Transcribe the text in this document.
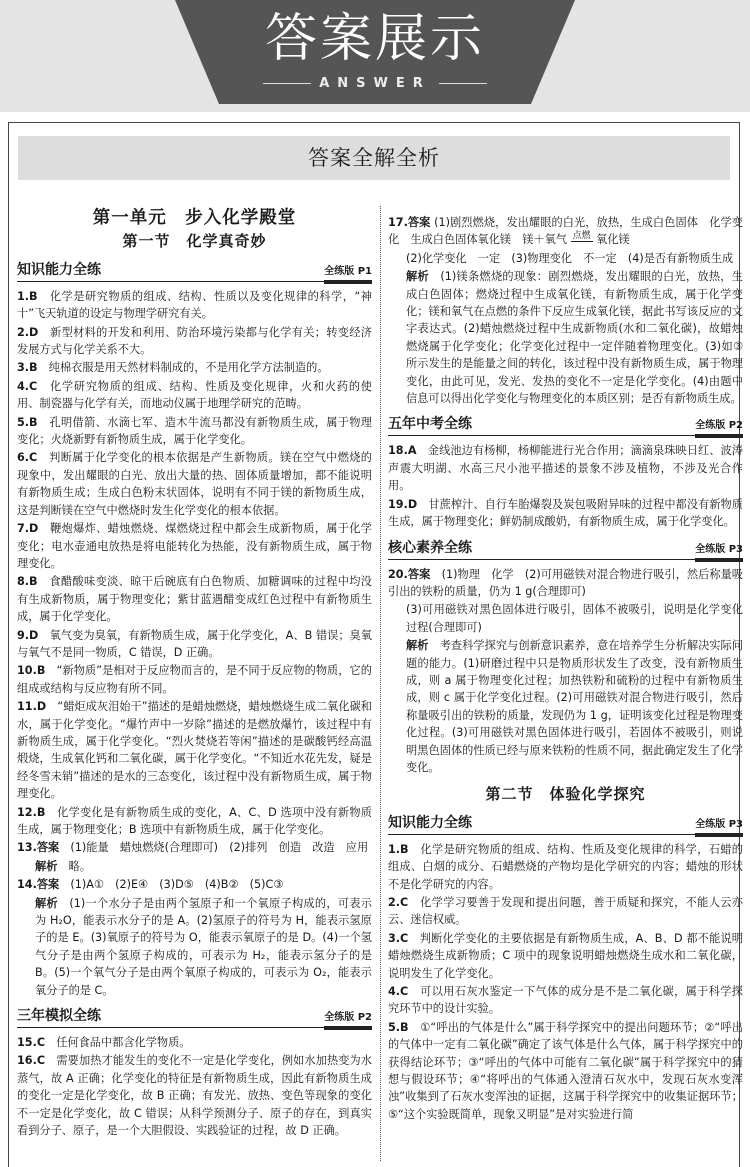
答案展示
ANSWER
答案全解全析
第一单元　步入化学殿堂
第一节　化学真奇妙
知识能力全练	全练版 P1
1.B　 化学是研究物质的组成、结构、性质以及变化规律的科学，“神十”飞天轨道的设定与物理学研究有关。
2.D　 新型材料的开发和利用、防治环境污染都与化学有关；转变经济发展方式与化学关系不大。
3.B　 纯棉衣服是用天然材料制成的，不是用化学方法制造的。
4.C　 化学研究物质的组成、结构、性质及变化规律，火和火药的使用、制瓷器与化学有关，而地动仪属于地理学研究的范畴。
5.B　 孔明借箭、水滴七军、造木牛流马都没有新物质生成，属于物理变化；火烧新野有新物质生成，属于化学变化。
6.C　 判断属于化学变化的根本依据是产生新物质。镁在空气中燃烧的现象中，发出耀眼的白光、放出大量的热、固体质量增加，都不能说明有新物质生成；生成白色粉末状固体，说明有不同于镁的新物质生成，这是判断镁在空气中燃烧时发生化学变化的根本依据。
7.D　 鞭炮爆炸、蜡烛燃烧、煤燃烧过程中都会生成新物质，属于化学变化；电水壶通电放热是将电能转化为热能，没有新物质生成，属于物理变化。
8.B　 食醋酸味变淡、晾干后碗底有白色物质、加糖调味的过程中均没有生成新物质，属于物理变化；紫甘蓝遇醋变成红色过程中有新物质生成，属于化学变化。
9.D　 氧气变为臭氧，有新物质生成，属于化学变化，A、B 错误；臭氧与氧气不是同一物质，C 错误，D 正确。
10.B　 “新物质”是相对于反应物而言的，是不同于反应物的物质，它的组成或结构与反应物有所不同。
11.D　 “蜡炬成灰泪始干”描述的是蜡烛燃烧，蜡烛燃烧生成二氧化碳和水，属于化学变化。“爆竹声中一岁除”描述的是燃放爆竹，该过程中有新物质生成，属于化学变化。“烈火焚烧若等闲”描述的是碳酸钙经高温煅烧，生成氧化钙和二氧化碳，属于化学变化。“不知近水花先发，疑是经冬雪未销”描述的是水的三态变化，该过程中没有新物质生成，属于物理变化。
12.B　 化学变化是有新物质生成的变化，A、C、D 选项中没有新物质生成，属于物理变化；B 选项中有新物质生成，属于化学变化。
13.答案　 (1)能量　蜡烛燃烧(合理即可)　(2)排列　创造　改造　应用
解析　 略。
14.答案　 (1)A①　(2)E④　(3)D⑤　(4)B②　(5)C③
解析　 (1)一个水分子是由两个氢原子和一个氧原子构成的，可表示为 H₂O，能表示水分子的是 A。(2)氢原子的符号为 H，能表示氢原子的是 E。(3)氧原子的符号为 O，能表示氧原子的是 D。(4)一个氢气分子是由两个氢原子构成的，可表示为 H₂，能表示氢分子的是 B。(5)一个氧气分子是由两个氧原子构成的，可表示为 O₂，能表示氧分子的是 C。
三年模拟全练	全练版 P2
15.C　 任何食品中都含化学物质。
16.C　 需要加热才能发生的变化不一定是化学变化，例如水加热变为水蒸气，故 A 正确；化学变化的特征是有新物质生成，因此有新物质生成的变化一定是化学变化，故 B 正确；有发光、放热、变色等现象的变化不一定是化学变化，故 C 错误；从科学预测分子、原子的存在，到真实看到分子、原子，是一个大胆假设、实践验证的过程，故 D 正确。
17.答案 (1)剧烈燃烧，发出耀眼的白光，放热，生成白色固体　化学变化　生成白色固体氧化镁　镁＋氧气 点燃 氧化镁
(2)化学变化　一定　(3)物理变化　不一定　(4)是否有新物质生成
解析　 (1)镁条燃烧的现象：剧烈燃烧，发出耀眼的白光，放热，生成白色固体；燃烧过程中生成氧化镁，有新物质生成，属于化学变化；镁和氧气在点燃的条件下反应生成氧化镁，据此书写该反应的文字表达式。(2)蜡烛燃烧过程中生成新物质(水和二氧化碳)，故蜡烛燃烧属于化学变化；化学变化过程中一定伴随着物理变化。(3)如③所示发生的是能量之间的转化，该过程中没有新物质生成，属于物理变化，由此可见，发光、发热的变化不一定是化学变化。(4)由题中信息可以得出化学变化与物理变化的本质区别；是否有新物质生成。
五年中考全练	全练版 P2
18.A　 金线池边有杨柳，杨柳能进行光合作用；滴滴泉珠映日红、波涛声震大明湖、水高三尺小池平描述的景象不涉及植物，不涉及光合作用。
19.D　 甘蔗榨汁、自行车胎爆裂及炭包吸附异味的过程中都没有新物质生成，属于物理变化；鲜奶制成酸奶，有新物质生成，属于化学变化。
核心素养全练	全练版 P3
20.答案　 (1)物理　化学　(2)可用磁铁对混合物进行吸引，然后称量吸引出的铁粉的质量，仍为 1 g(合理即可)
(3)可用磁铁对黑色固体进行吸引，固体不被吸引，说明是化学变化过程(合理即可)
解析　 考查科学探究与创新意识素养，意在培养学生分析解决实际问题的能力。(1)研磨过程中只是物质形状发生了改变，没有新物质生成，则 a 属于物理变化过程；加热铁粉和硫粉的过程中有新物质生成，则 c 属于化学变化过程。(2)可用磁铁对混合物进行吸引，然后称量吸引出的铁粉的质量，发现仍为 1 g，证明该变化过程是物理变化过程。(3)可用磁铁对黑色固体进行吸引，若固体不被吸引，则说明黑色固体的性质已经与原来铁粉的性质不同，据此确定发生了化学变化。
第二节　体验化学探究
知识能力全练	全练版 P3
1.B　 化学是研究物质的组成、结构、性质及变化规律的科学，石蜡的组成、白烟的成分、石蜡燃烧的产物均是化学研究的内容；蜡烛的形状不是化学研究的内容。
2.C　 化学学习要善于发现和提出问题，善于质疑和探究，不能人云亦云、迷信权威。
3.C　 判断化学变化的主要依据是有新物质生成，A、B、D 都不能说明蜡烛燃烧生成新物质；C 项中的现象说明蜡烛燃烧生成水和二氧化碳，说明发生了化学变化。
4.C　 可以用石灰水鉴定一下气体的成分是不是二氧化碳，属于科学探究环节中的设计实验。
5.B　 ①“呼出的气体是什么”属于科学探究中的提出问题环节；②“呼出的气体中一定有二氧化碳”确定了该气体是什么气体，属于科学探究中的获得结论环节；③“呼出的气体中可能有二氧化碳”属于科学探究中的猜想与假设环节；④“将呼出的气体通入澄清石灰水中，发现石灰水变浑浊”收集到了石灰水变浑浊的证据，这属于科学探究中的收集证据环节；⑤“这个实验既简单，现象又明显”是对实验进行简
